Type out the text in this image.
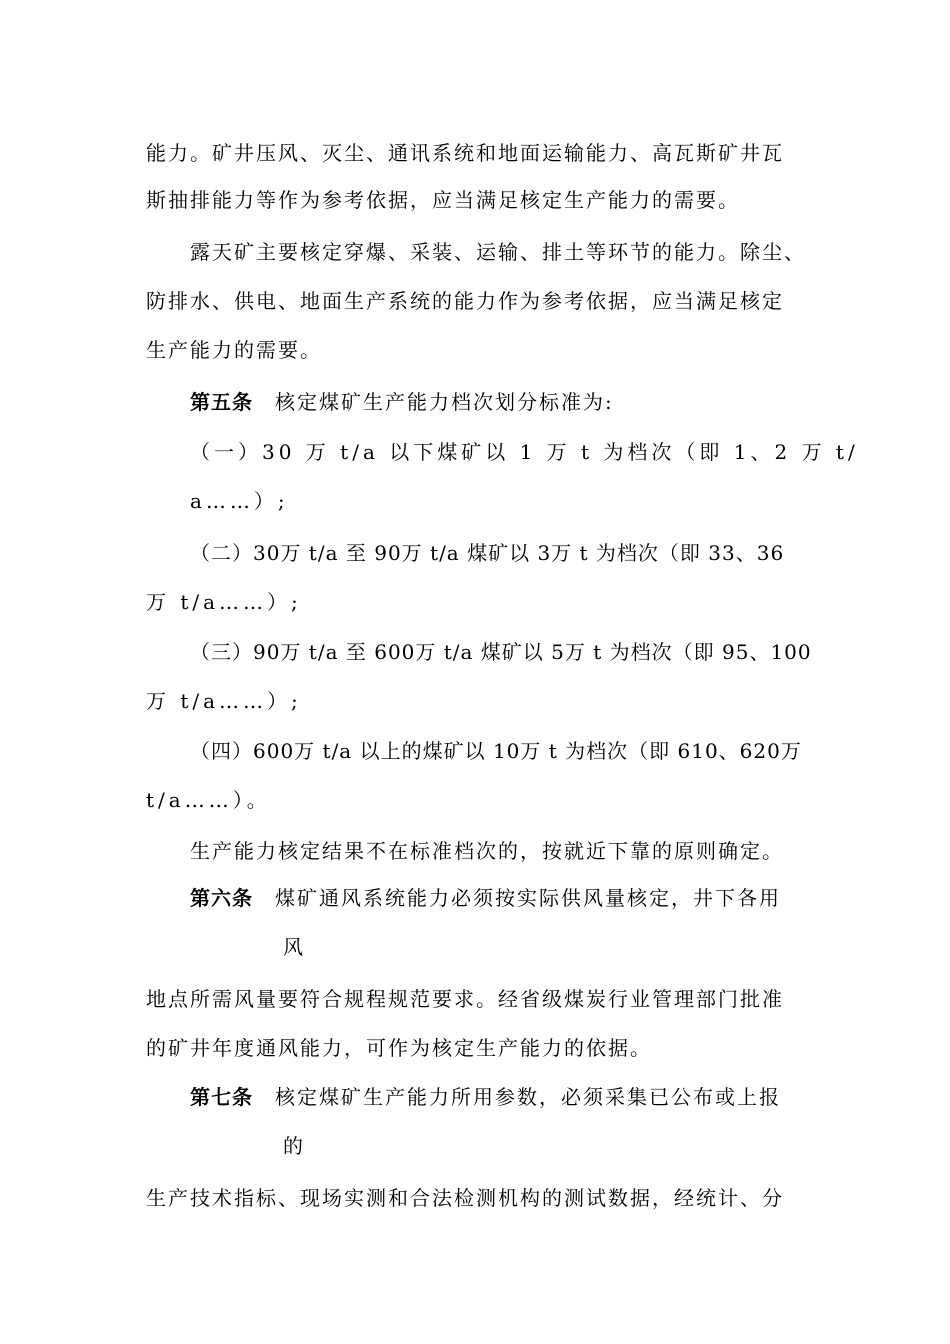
能力。矿井压风、灭尘、通讯系统和地面运输能力、高瓦斯矿井瓦
斯抽排能力等作为参考依据，应当满足核定生产能力的需要。
露天矿主要核定穿爆、采装、运输、排土等环节的能力。除尘、
防排水、供电、地面生产系统的能力作为参考依据，应当满足核定
生产能力的需要。
第五条 核定煤矿生产能力档次划分标准为:
（一）30 万 t/a 以下煤矿以 1 万 t 为档次（即 1、2 万 t/
a……）;
（二）30万 t/a 至 90万 t/a 煤矿以 3万 t 为档次（即 33、36
万 t/a……）;
（三）90万 t/a 至 600万 t/a 煤矿以 5万 t 为档次（即 95、100
万 t/a……）;
（四）600万 t/a 以上的煤矿以 10万 t 为档次（即 610、620万
t/a……）。
生产能力核定结果不在标准档次的，按就近下靠的原则确定。
第六条 煤矿通风系统能力必须按实际供风量核定，井下各用
风
地点所需风量要符合规程规范要求。经省级煤炭行业管理部门批准
的矿井年度通风能力，可作为核定生产能力的依据。
第七条 核定煤矿生产能力所用参数，必须采集已公布或上报
的
生产技术指标、现场实测和合法检测机构的测试数据，经统计、分
